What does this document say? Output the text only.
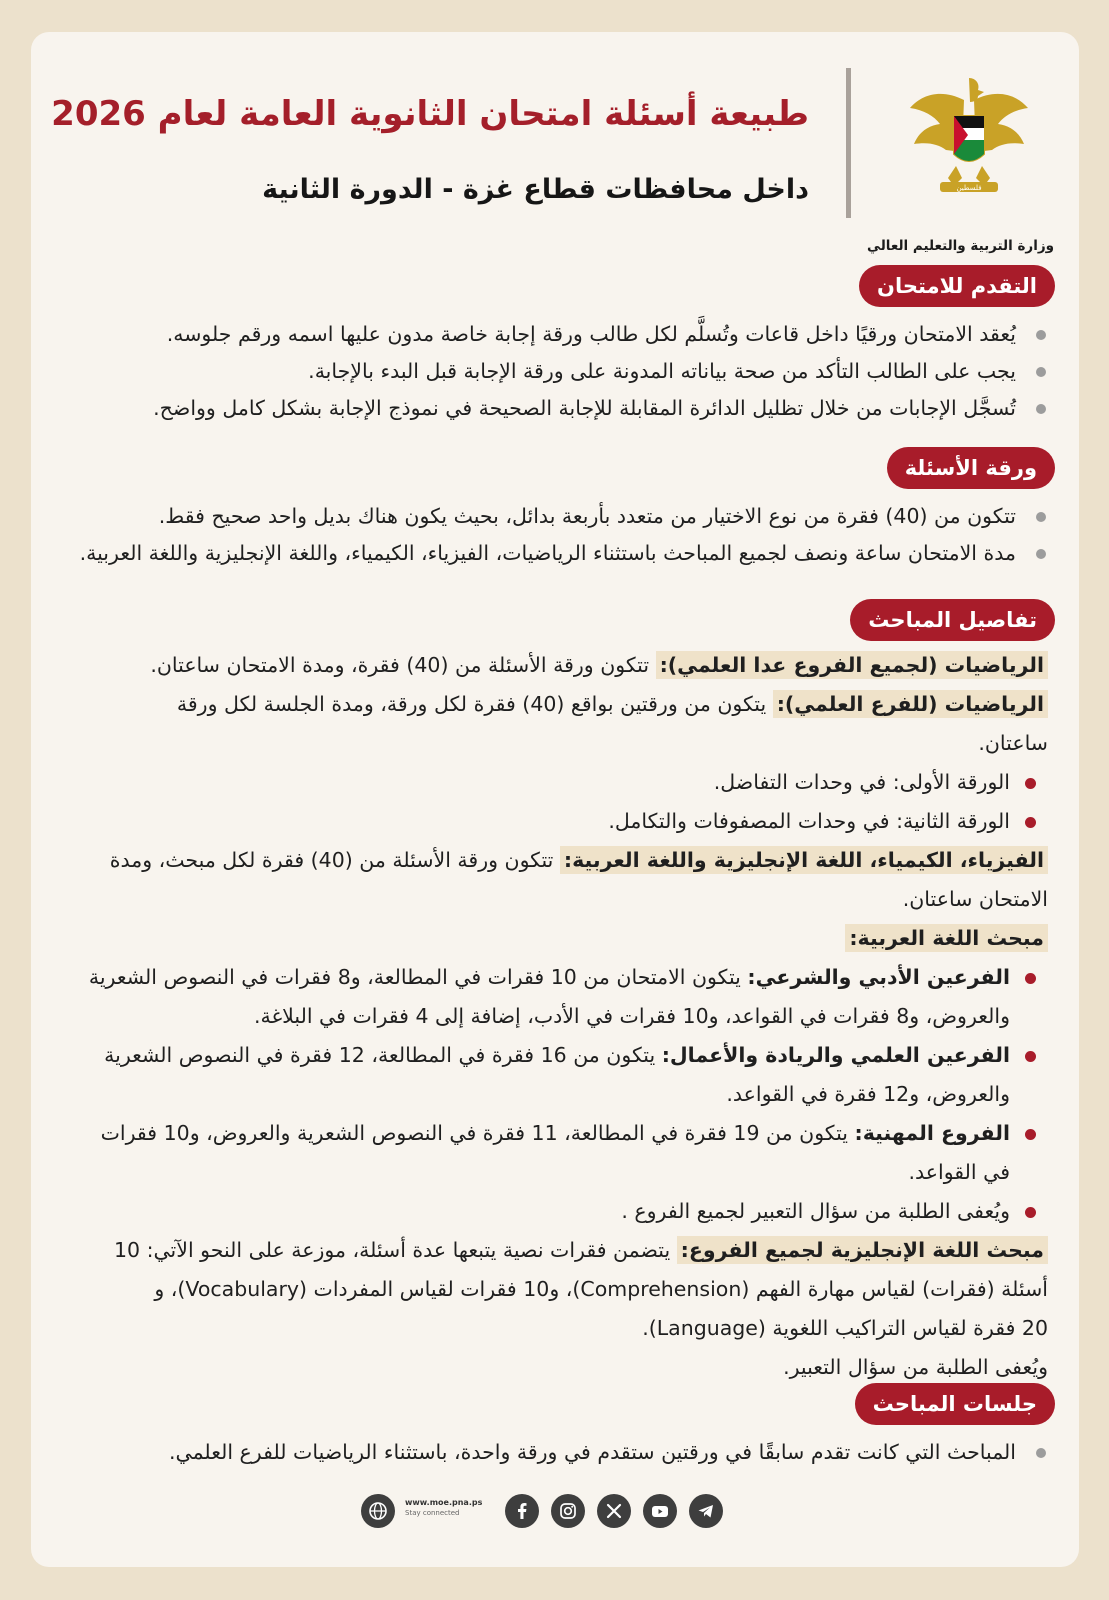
فلسطين
وزارة التربية والتعليم العالي
طبيعة أسئلة امتحان الثانوية العامة لعام 2026
داخل محافظات قطاع غزة - الدورة الثانية
التقدم للامتحان
يُعقد الامتحان ورقيًا داخل قاعات وتُسلَّم لكل طالب ورقة إجابة خاصة مدون عليها اسمه ورقم جلوسه.
يجب على الطالب التأكد من صحة بياناته المدونة على ورقة الإجابة قبل البدء بالإجابة.
تُسجَّل الإجابات من خلال تظليل الدائرة المقابلة للإجابة الصحيحة في نموذج الإجابة بشكل كامل وواضح.
ورقة الأسئلة
تتكون من (40) فقرة من نوع الاختيار من متعدد بأربعة بدائل، بحيث يكون هناك بديل واحد صحيح فقط.
مدة الامتحان ساعة ونصف لجميع المباحث باستثناء الرياضيات، الفيزياء، الكيمياء، واللغة الإنجليزية واللغة العربية.
تفاصيل المباحث
الرياضيات (لجميع الفروع عدا العلمي): تتكون ورقة الأسئلة من (40) فقرة، ومدة الامتحان ساعتان.
الرياضيات (للفرع العلمي): يتكون من ورقتين بواقع (40) فقرة لكل ورقة، ومدة الجلسة لكل ورقة
ساعتان.
الورقة الأولى: في وحدات التفاضل.
الورقة الثانية: في وحدات المصفوفات والتكامل.
الفيزياء، الكيمياء، اللغة الإنجليزية واللغة العربية: تتكون ورقة الأسئلة من (40) فقرة لكل مبحث، ومدة
الامتحان ساعتان.
مبحث اللغة العربية:
الفرعين الأدبي والشرعي: يتكون الامتحان من 10 فقرات في المطالعة، و8 فقرات في النصوص الشعرية
والعروض، و8 فقرات في القواعد، و10 فقرات في الأدب، إضافة إلى 4 فقرات في البلاغة.
الفرعين العلمي والريادة والأعمال: يتكون من 16 فقرة في المطالعة، 12 فقرة في النصوص الشعرية
والعروض، و12 فقرة في القواعد.
الفروع المهنية: يتكون من 19 فقرة في المطالعة، 11 فقرة في النصوص الشعرية والعروض، و10 فقرات
في القواعد.
ويُعفى الطلبة من سؤال التعبير لجميع الفروع .
مبحث اللغة الإنجليزية لجميع الفروع: يتضمن فقرات نصية يتبعها عدة أسئلة، موزعة على النحو الآتي: 10
أسئلة (فقرات) لقياس مهارة الفهم (Comprehension)، و10 فقرات لقياس المفردات (Vocabulary)، و
20 فقرة لقياس التراكيب اللغوية (Language).
ويُعفى الطلبة من سؤال التعبير.
جلسات المباحث
المباحث التي كانت تقدم سابقًا في ورقتين ستقدم في ورقة واحدة، باستثناء الرياضيات للفرع العلمي.
www.moe.pna.ps
Stay connected
